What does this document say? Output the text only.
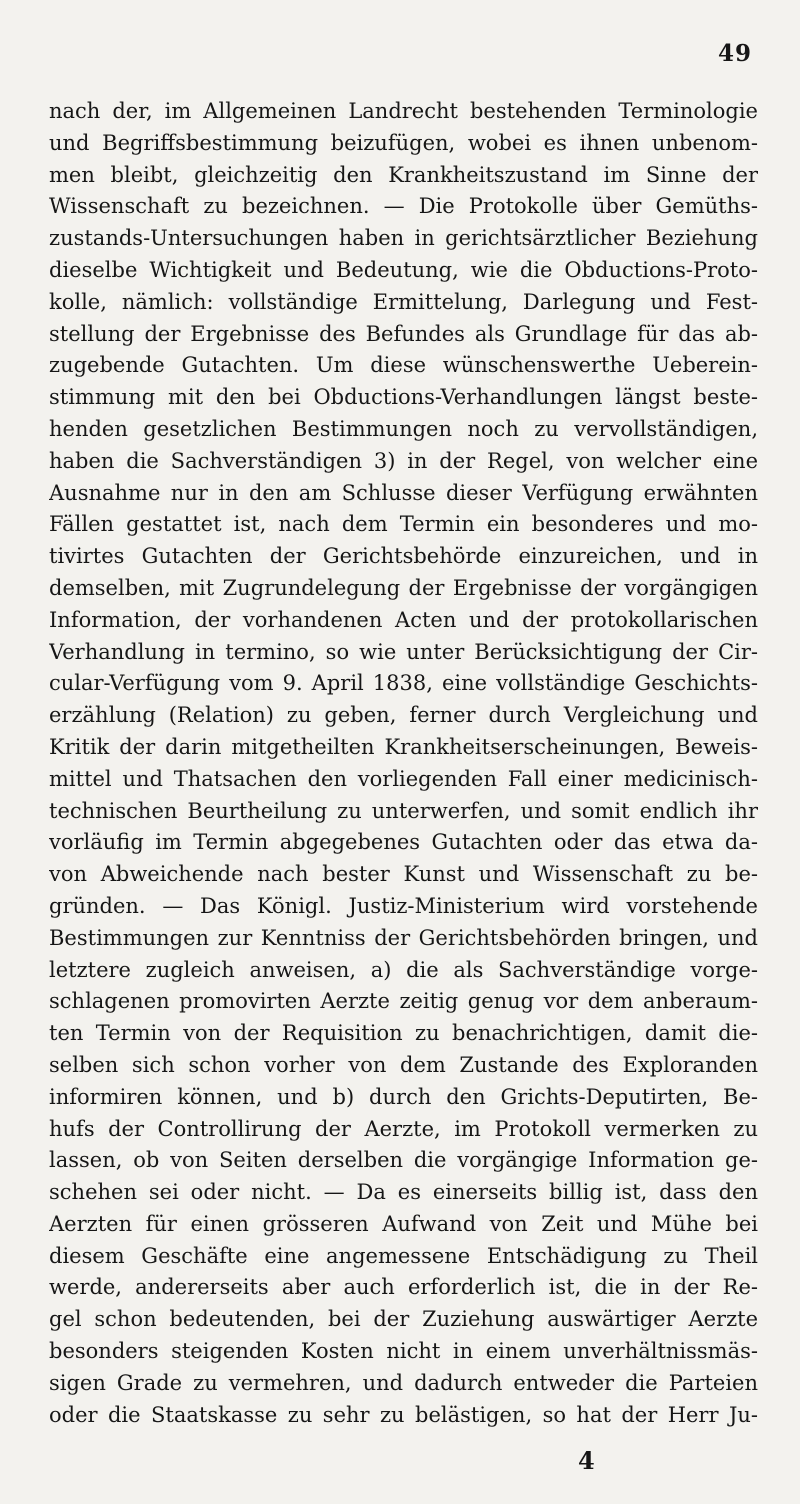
49
nach der, im Allgemeinen Landrecht bestehenden Terminologie
und Begriffsbestimmung beizufügen, wobei es ihnen unbenom-
men bleibt, gleichzeitig den Krankheitszustand im Sinne der
Wissenschaft zu bezeichnen. — Die Protokolle über Gemüths-
zustands-Untersuchungen haben in gerichtsärztlicher Beziehung
dieselbe Wichtigkeit und Bedeutung, wie die Obductions-Proto-
kolle, nämlich: vollständige Ermittelung, Darlegung und Fest-
stellung der Ergebnisse des Befundes als Grundlage für das ab-
zugebende Gutachten. Um diese wünschenswerthe Ueberein-
stimmung mit den bei Obductions-Verhandlungen längst beste-
henden gesetzlichen Bestimmungen noch zu vervollständigen,
haben die Sachverständigen 3) in der Regel, von welcher eine
Ausnahme nur in den am Schlusse dieser Verfügung erwähnten
Fällen gestattet ist, nach dem Termin ein besonderes und mo-
tivirtes Gutachten der Gerichtsbehörde einzureichen, und in
demselben, mit Zugrundelegung der Ergebnisse der vorgängigen
Information, der vorhandenen Acten und der protokollarischen
Verhandlung in termino, so wie unter Berücksichtigung der Cir-
cular-Verfügung vom 9. April 1838, eine vollständige Geschichts-
erzählung (Relation) zu geben, ferner durch Vergleichung und
Kritik der darin mitgetheilten Krankheitserscheinungen, Beweis-
mittel und Thatsachen den vorliegenden Fall einer medicinisch-
technischen Beurtheilung zu unterwerfen, und somit endlich ihr
vorläufig im Termin abgegebenes Gutachten oder das etwa da-
von Abweichende nach bester Kunst und Wissenschaft zu be-
gründen. — Das Königl. Justiz-Ministerium wird vorstehende
Bestimmungen zur Kenntniss der Gerichtsbehörden bringen, und
letztere zugleich anweisen, a) die als Sachverständige vorge-
schlagenen promovirten Aerzte zeitig genug vor dem anberaum-
ten Termin von der Requisition zu benachrichtigen, damit die-
selben sich schon vorher von dem Zustande des Exploranden
informiren können, und b) durch den Grichts-Deputirten, Be-
hufs der Controllirung der Aerzte, im Protokoll vermerken zu
lassen, ob von Seiten derselben die vorgängige Information ge-
schehen sei oder nicht. — Da es einerseits billig ist, dass den
Aerzten für einen grösseren Aufwand von Zeit und Mühe bei
diesem Geschäfte eine angemessene Entschädigung zu Theil
werde, andererseits aber auch erforderlich ist, die in der Re-
gel schon bedeutenden, bei der Zuziehung auswärtiger Aerzte
besonders steigenden Kosten nicht in einem unverhältnissmäs-
sigen Grade zu vermehren, und dadurch entweder die Parteien
oder die Staatskasse zu sehr zu belästigen, so hat der Herr Ju-
4
